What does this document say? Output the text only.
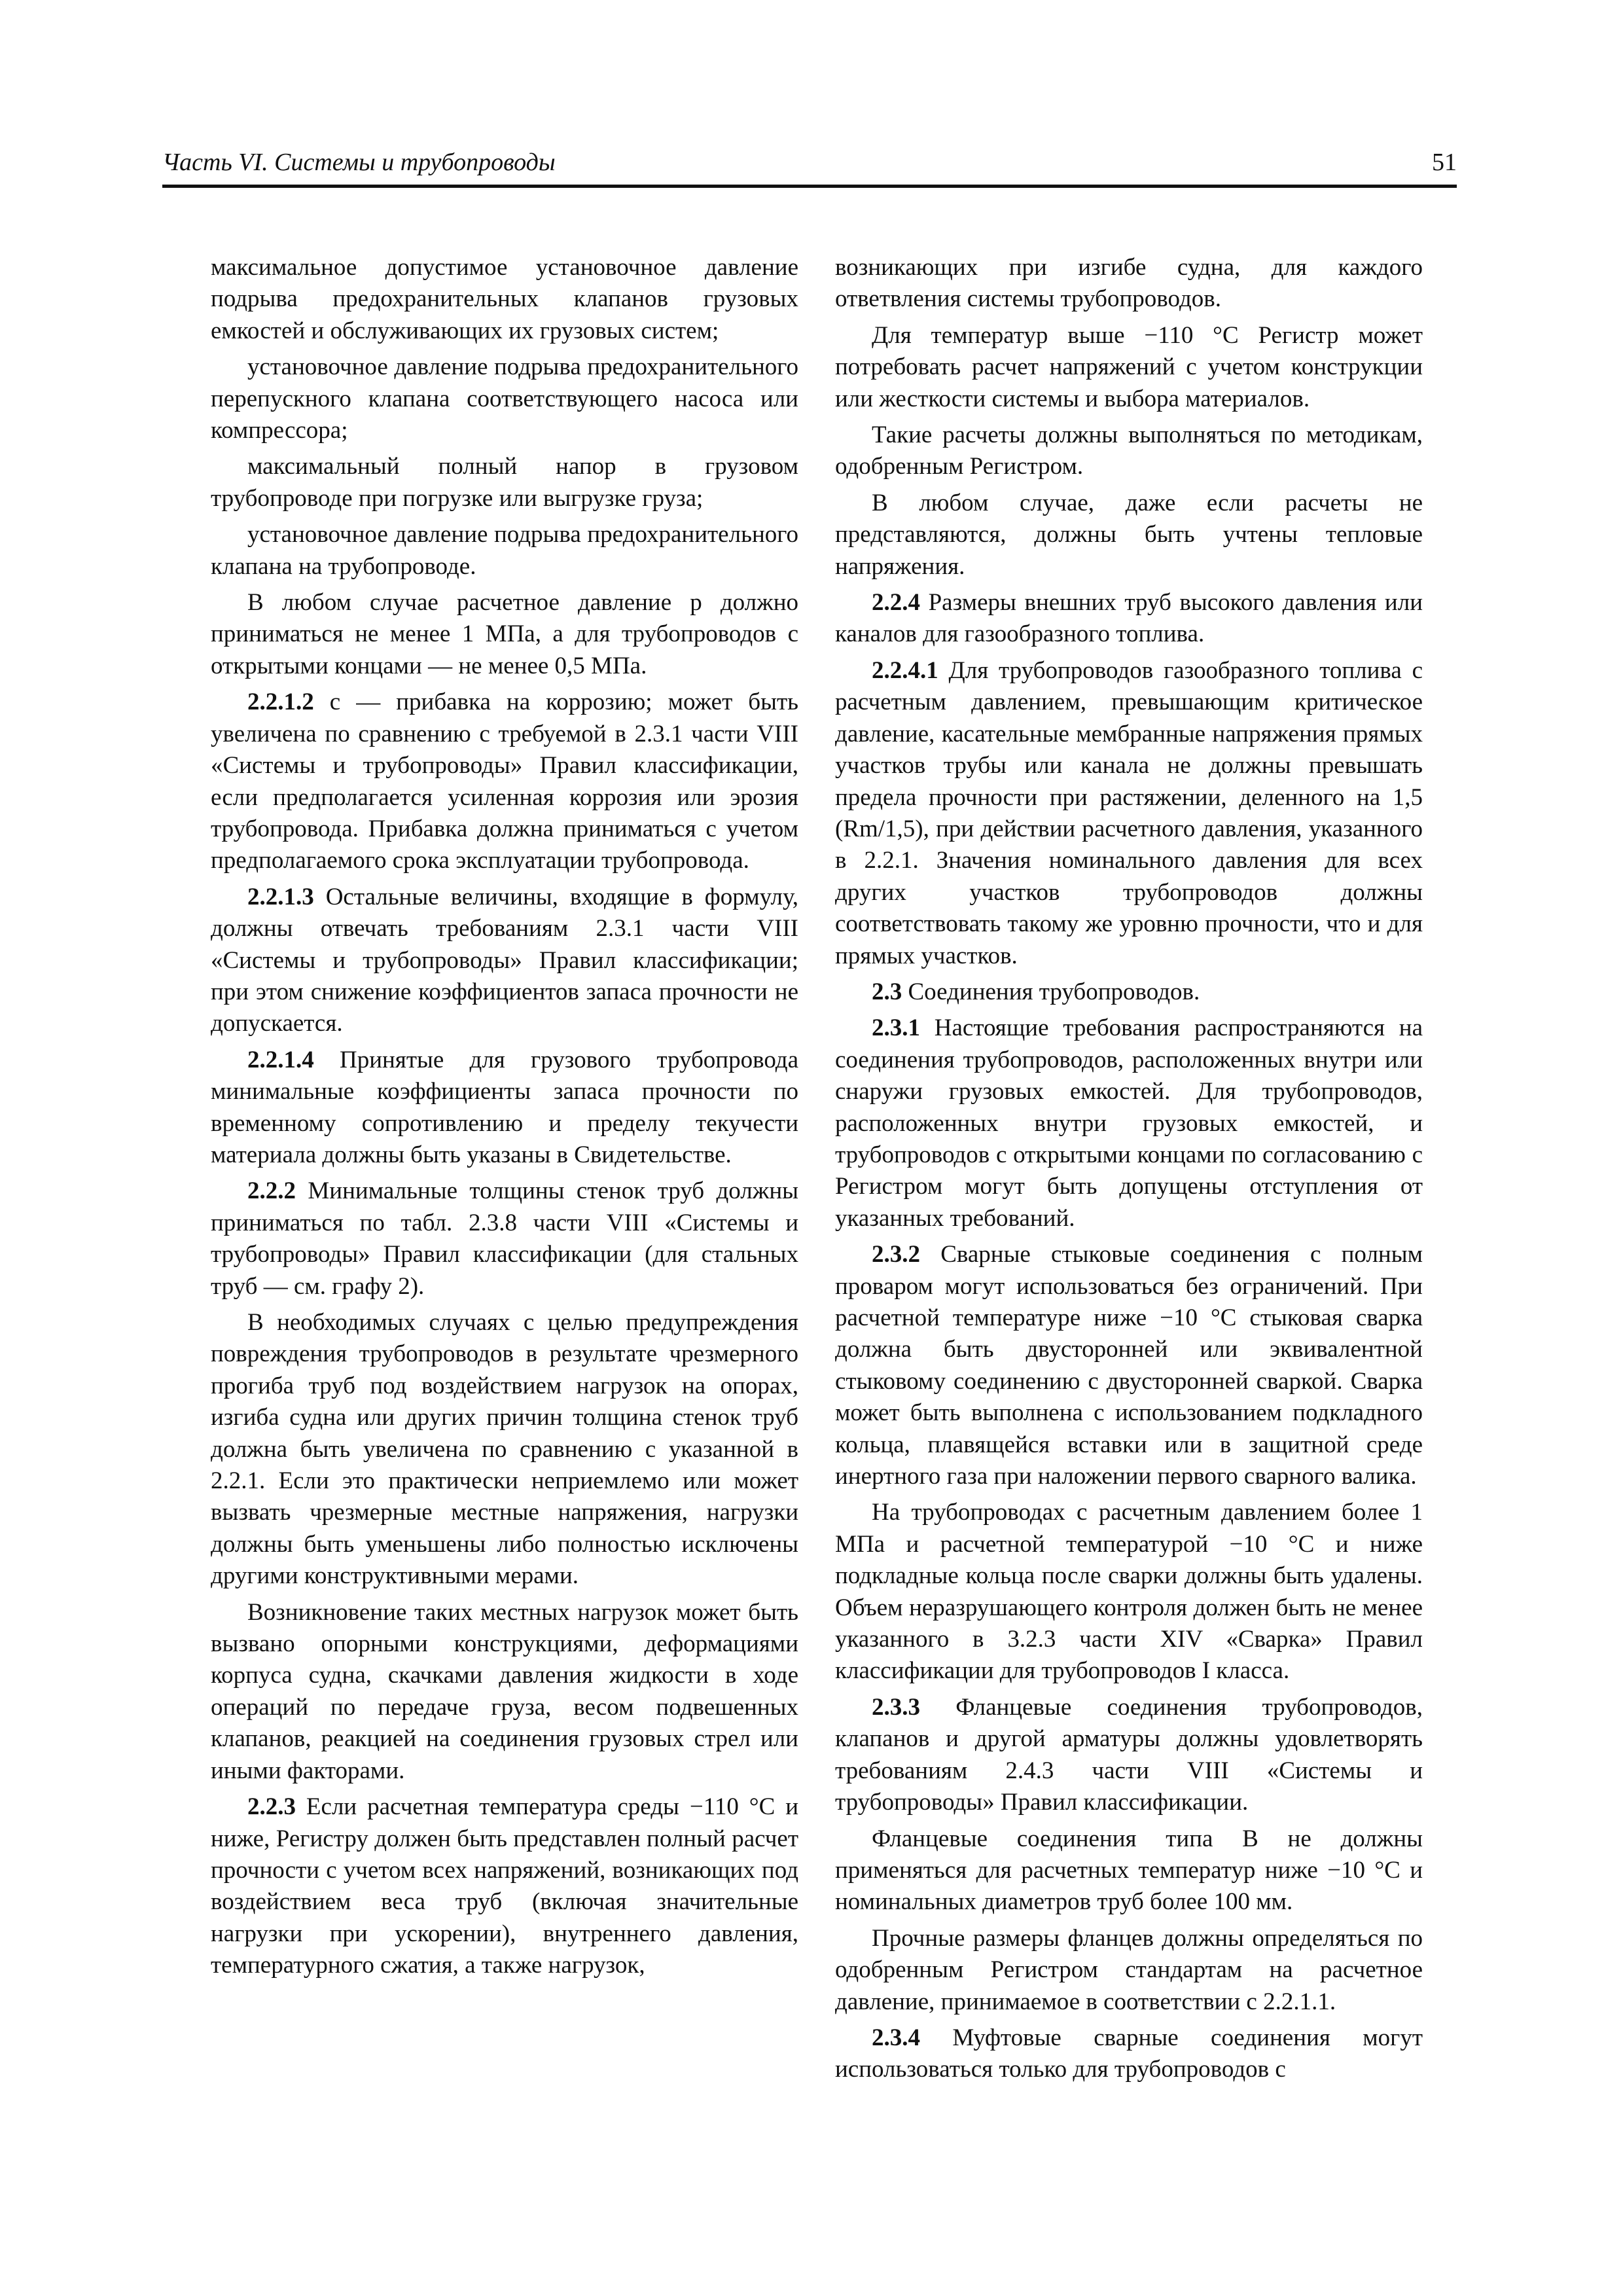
Часть VI. Системы и трубопроводы	51

максимальное допустимое установочное давление подрыва предохранительных клапанов грузовых емкостей и обслуживающих их грузовых систем;

установочное давление подрыва предохранительного перепускного клапана соответствующего насоса или компрессора;

максимальный полный напор в грузовом трубопроводе при погрузке или выгрузке груза;

установочное давление подрыва предохранительного клапана на трубопроводе.

В любом случае расчетное давление p должно приниматься не менее 1 МПа, а для трубопроводов с открытыми концами — не менее 0,5 МПа.

2.2.1.2 c — прибавка на коррозию; может быть увеличена по сравнению с требуемой в 2.3.1 части VIII «Системы и трубопроводы» Правил классификации, если предполагается усиленная коррозия или эрозия трубопровода. Прибавка должна приниматься с учетом предполагаемого срока эксплуатации трубопровода.

2.2.1.3 Остальные величины, входящие в формулу, должны отвечать требованиям 2.3.1 части VIII «Системы и трубопроводы» Правил классификации; при этом снижение коэффициентов запаса прочности не допускается.

2.2.1.4 Принятые для грузового трубопровода минимальные коэффициенты запаса прочности по временному сопротивлению и пределу текучести материала должны быть указаны в Свидетельстве.

2.2.2 Минимальные толщины стенок труб должны приниматься по табл. 2.3.8 части VIII «Системы и трубопроводы» Правил классификации (для стальных труб — см. графу 2).

В необходимых случаях с целью предупреждения повреждения трубопроводов в результате чрезмерного прогиба труб под воздействием нагрузок на опорах, изгиба судна или других причин толщина стенок труб должна быть увеличена по сравнению с указанной в 2.2.1. Если это практически неприемлемо или может вызвать чрезмерные местные напряжения, нагрузки должны быть уменьшены либо полностью исключены другими конструктивными мерами.

Возникновение таких местных нагрузок может быть вызвано опорными конструкциями, деформациями корпуса судна, скачками давления жидкости в ходе операций по передаче груза, весом подвешенных клапанов, реакцией на соединения грузовых стрел или иными факторами.

2.2.3 Если расчетная температура среды −110 °С и ниже, Регистру должен быть представлен полный расчет прочности с учетом всех напряжений, возникающих под воздействием веса труб (включая значительные нагрузки при ускорении), внутреннего давления, температурного сжатия, а также нагрузок,

возникающих при изгибе судна, для каждого ответвления системы трубопроводов.

Для температур выше −110 °С Регистр может потребовать расчет напряжений с учетом конструкции или жесткости системы и выбора материалов.

Такие расчеты должны выполняться по методикам, одобренным Регистром.

В любом случае, даже если расчеты не представляются, должны быть учтены тепловые напряжения.

2.2.4 Размеры внешних труб высокого давления или каналов для газообразного топлива.

2.2.4.1 Для трубопроводов газообразного топлива с расчетным давлением, превышающим критическое давление, касательные мембранные напряжения прямых участков трубы или канала не должны превышать предела прочности при растяжении, деленного на 1,5 (Rm/1,5), при действии расчетного давления, указанного в 2.2.1. Значения номинального давления для всех других участков трубопроводов должны соответствовать такому же уровню прочности, что и для прямых участков.

2.3 Соединения трубопроводов.

2.3.1 Настоящие требования распространяются на соединения трубопроводов, расположенных внутри или снаружи грузовых емкостей. Для трубопроводов, расположенных внутри грузовых емкостей, и трубопроводов с открытыми концами по согласованию с Регистром могут быть допущены отступления от указанных требований.

2.3.2 Сварные стыковые соединения с полным проваром могут использоваться без ограничений. При расчетной температуре ниже −10 °С стыковая сварка должна быть двусторонней или эквивалентной стыковому соединению с двусторонней сваркой. Сварка может быть выполнена с использованием подкладного кольца, плавящейся вставки или в защитной среде инертного газа при наложении первого сварного валика.

На трубопроводах с расчетным давлением более 1 МПа и расчетной температурой −10 °С и ниже подкладные кольца после сварки должны быть удалены. Объем неразрушающего контроля должен быть не менее указанного в 3.2.3 части XIV «Сварка» Правил классификации для трубопроводов I класса.

2.3.3 Фланцевые соединения трубопроводов, клапанов и другой арматуры должны удовлетворять требованиям 2.4.3 части VIII «Системы и трубопроводы» Правил классификации.

Фланцевые соединения типа В не должны применяться для расчетных температур ниже −10 °С и номинальных диаметров труб более 100 мм.

Прочные размеры фланцев должны определяться по одобренным Регистром стандартам на расчетное давление, принимаемое в соответствии с 2.2.1.1.

2.3.4 Муфтовые сварные соединения могут использоваться только для трубопроводов с
